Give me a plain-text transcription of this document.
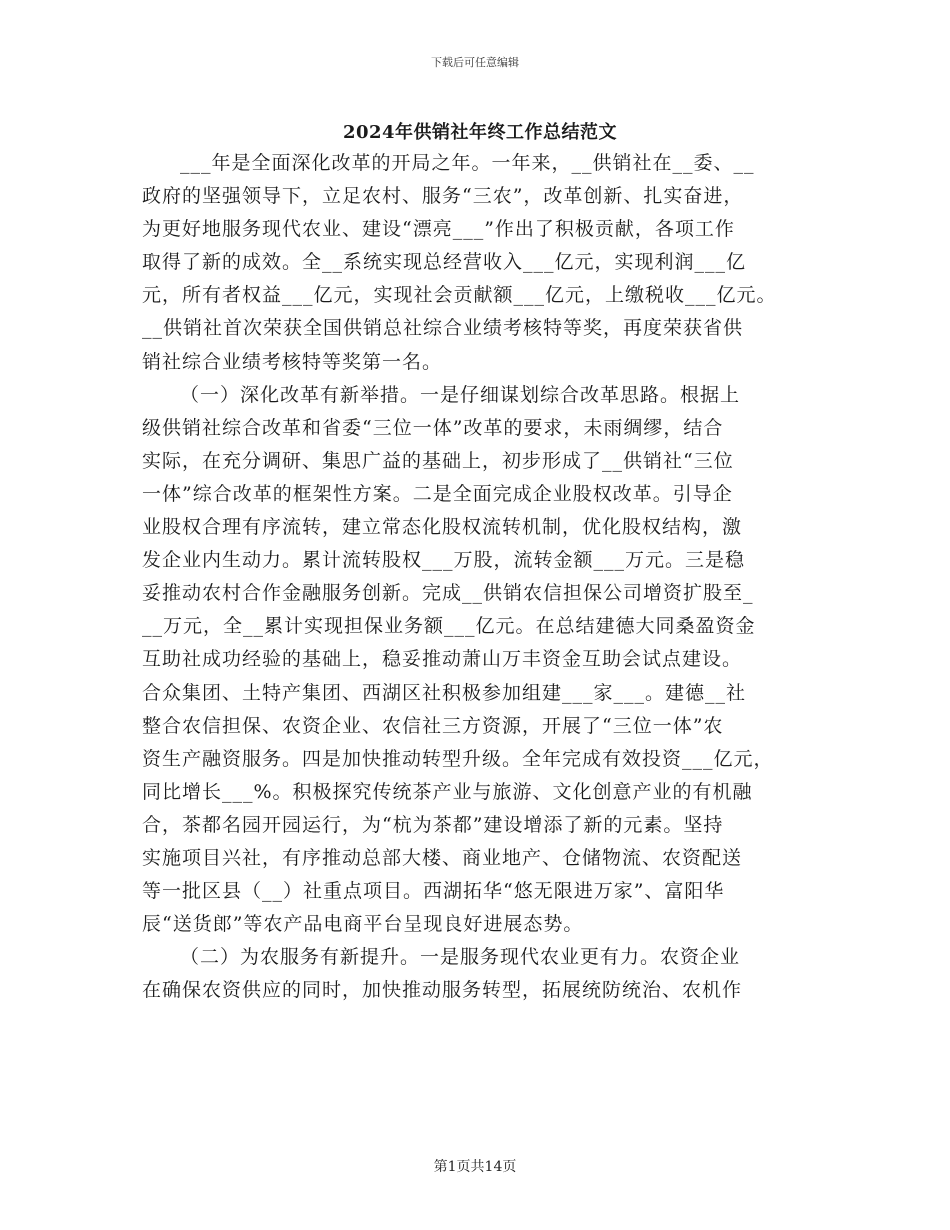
下载后可任意编辑
2024年供销社年终工作总结范文

___年是全面深化改革的开局之年。一年来，__供销社在__委、__
政府的坚强领导下，立足农村、服务“三农”，改革创新、扎实奋进，
为更好地服务现代农业、建设“漂亮___”作出了积极贡献，各项工作
取得了新的成效。全__系统实现总经营收入___亿元，实现利润___亿
元，所有者权益___亿元，实现社会贡献额___亿元，上缴税收___亿元。
__供销社首次荣获全国供销总社综合业绩考核特等奖，再度荣获省供
销社综合业绩考核特等奖第一名。

（一）深化改革有新举措。一是仔细谋划综合改革思路。根据上
级供销社综合改革和省委“三位一体”改革的要求，未雨绸缪，结合
实际，在充分调研、集思广益的基础上，初步形成了__供销社“三位
一体”综合改革的框架性方案。二是全面完成企业股权改革。引导企
业股权合理有序流转，建立常态化股权流转机制，优化股权结构，激
发企业内生动力。累计流转股权___万股，流转金额___万元。三是稳
妥推动农村合作金融服务创新。完成__供销农信担保公司增资扩股至_
__万元，全__累计实现担保业务额___亿元。在总结建德大同桑盈资金
互助社成功经验的基础上，稳妥推动萧山万丰资金互助会试点建设。
合众集团、土特产集团、西湖区社积极参加组建___家___。建德__社
整合农信担保、农资企业、农信社三方资源，开展了“三位一体”农
资生产融资服务。四是加快推动转型升级。全年完成有效投资___亿元，
同比增长___%。积极探究传统茶产业与旅游、文化创意产业的有机融
合，茶都名园开园运行，为“杭为茶都”建设增添了新的元素。坚持
实施项目兴社，有序推动总部大楼、商业地产、仓储物流、农资配送
等一批区县（__）社重点项目。西湖拓华“悠无限进万家”、富阳华
辰“送货郎”等农产品电商平台呈现良好进展态势。

（二）为农服务有新提升。一是服务现代农业更有力。农资企业
在确保农资供应的同时，加快推动服务转型，拓展统防统治、农机作

第1页共14页
